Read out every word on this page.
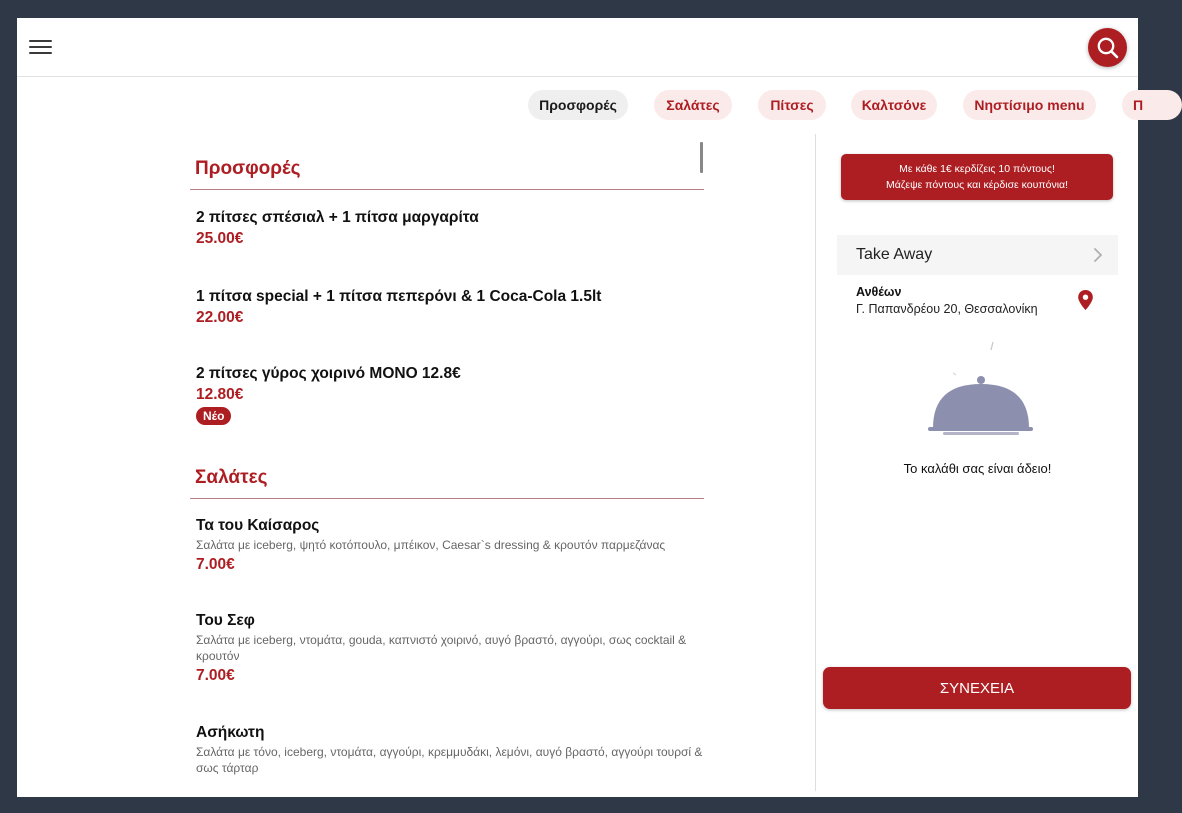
Προσφορές	Σαλάτες	Πίτσες	Καλτσόνε	Νηστίσιμο menu	Π
Προσφορές
2 πίτσες σπέσιαλ + 1 πίτσα μαργαρίτα
25.00€
1 πίτσα special + 1 πίτσα πεπερόνι & 1 Coca-Cola 1.5lt
22.00€
2 πίτσες γύρος χοιρινό ΜΟΝΟ 12.8€
12.80€
Νέο
Σαλάτες
Τα του Καίσαρος
Σαλάτα με iceberg, ψητό κοτόπουλο, μπέικον, Caesar`s dressing & κρουτόν παρμεζάνας
7.00€
Του Σεφ
Σαλάτα με iceberg, ντομάτα, gouda, καπνιστό χοιρινό, αυγό βραστό, αγγούρι, σως cocktail & κρουτόν
7.00€
Ασήκωτη
Σαλάτα με τόνο, iceberg, ντομάτα, αγγούρι, κρεμμυδάκι, λεμόνι, αυγό βραστό, αγγούρι τουρσί & σως τάρταρ
Με κάθε 1€ κερδίζεις 10 πόντους!
Μάζεψε πόντους και κέρδισε κουπόνια!
Take Away
Ανθέων
Γ. Παπανδρέου 20, Θεσσαλονίκη
Το καλάθι σας είναι άδειο!
ΣΥΝΕΧΕΙΑ
